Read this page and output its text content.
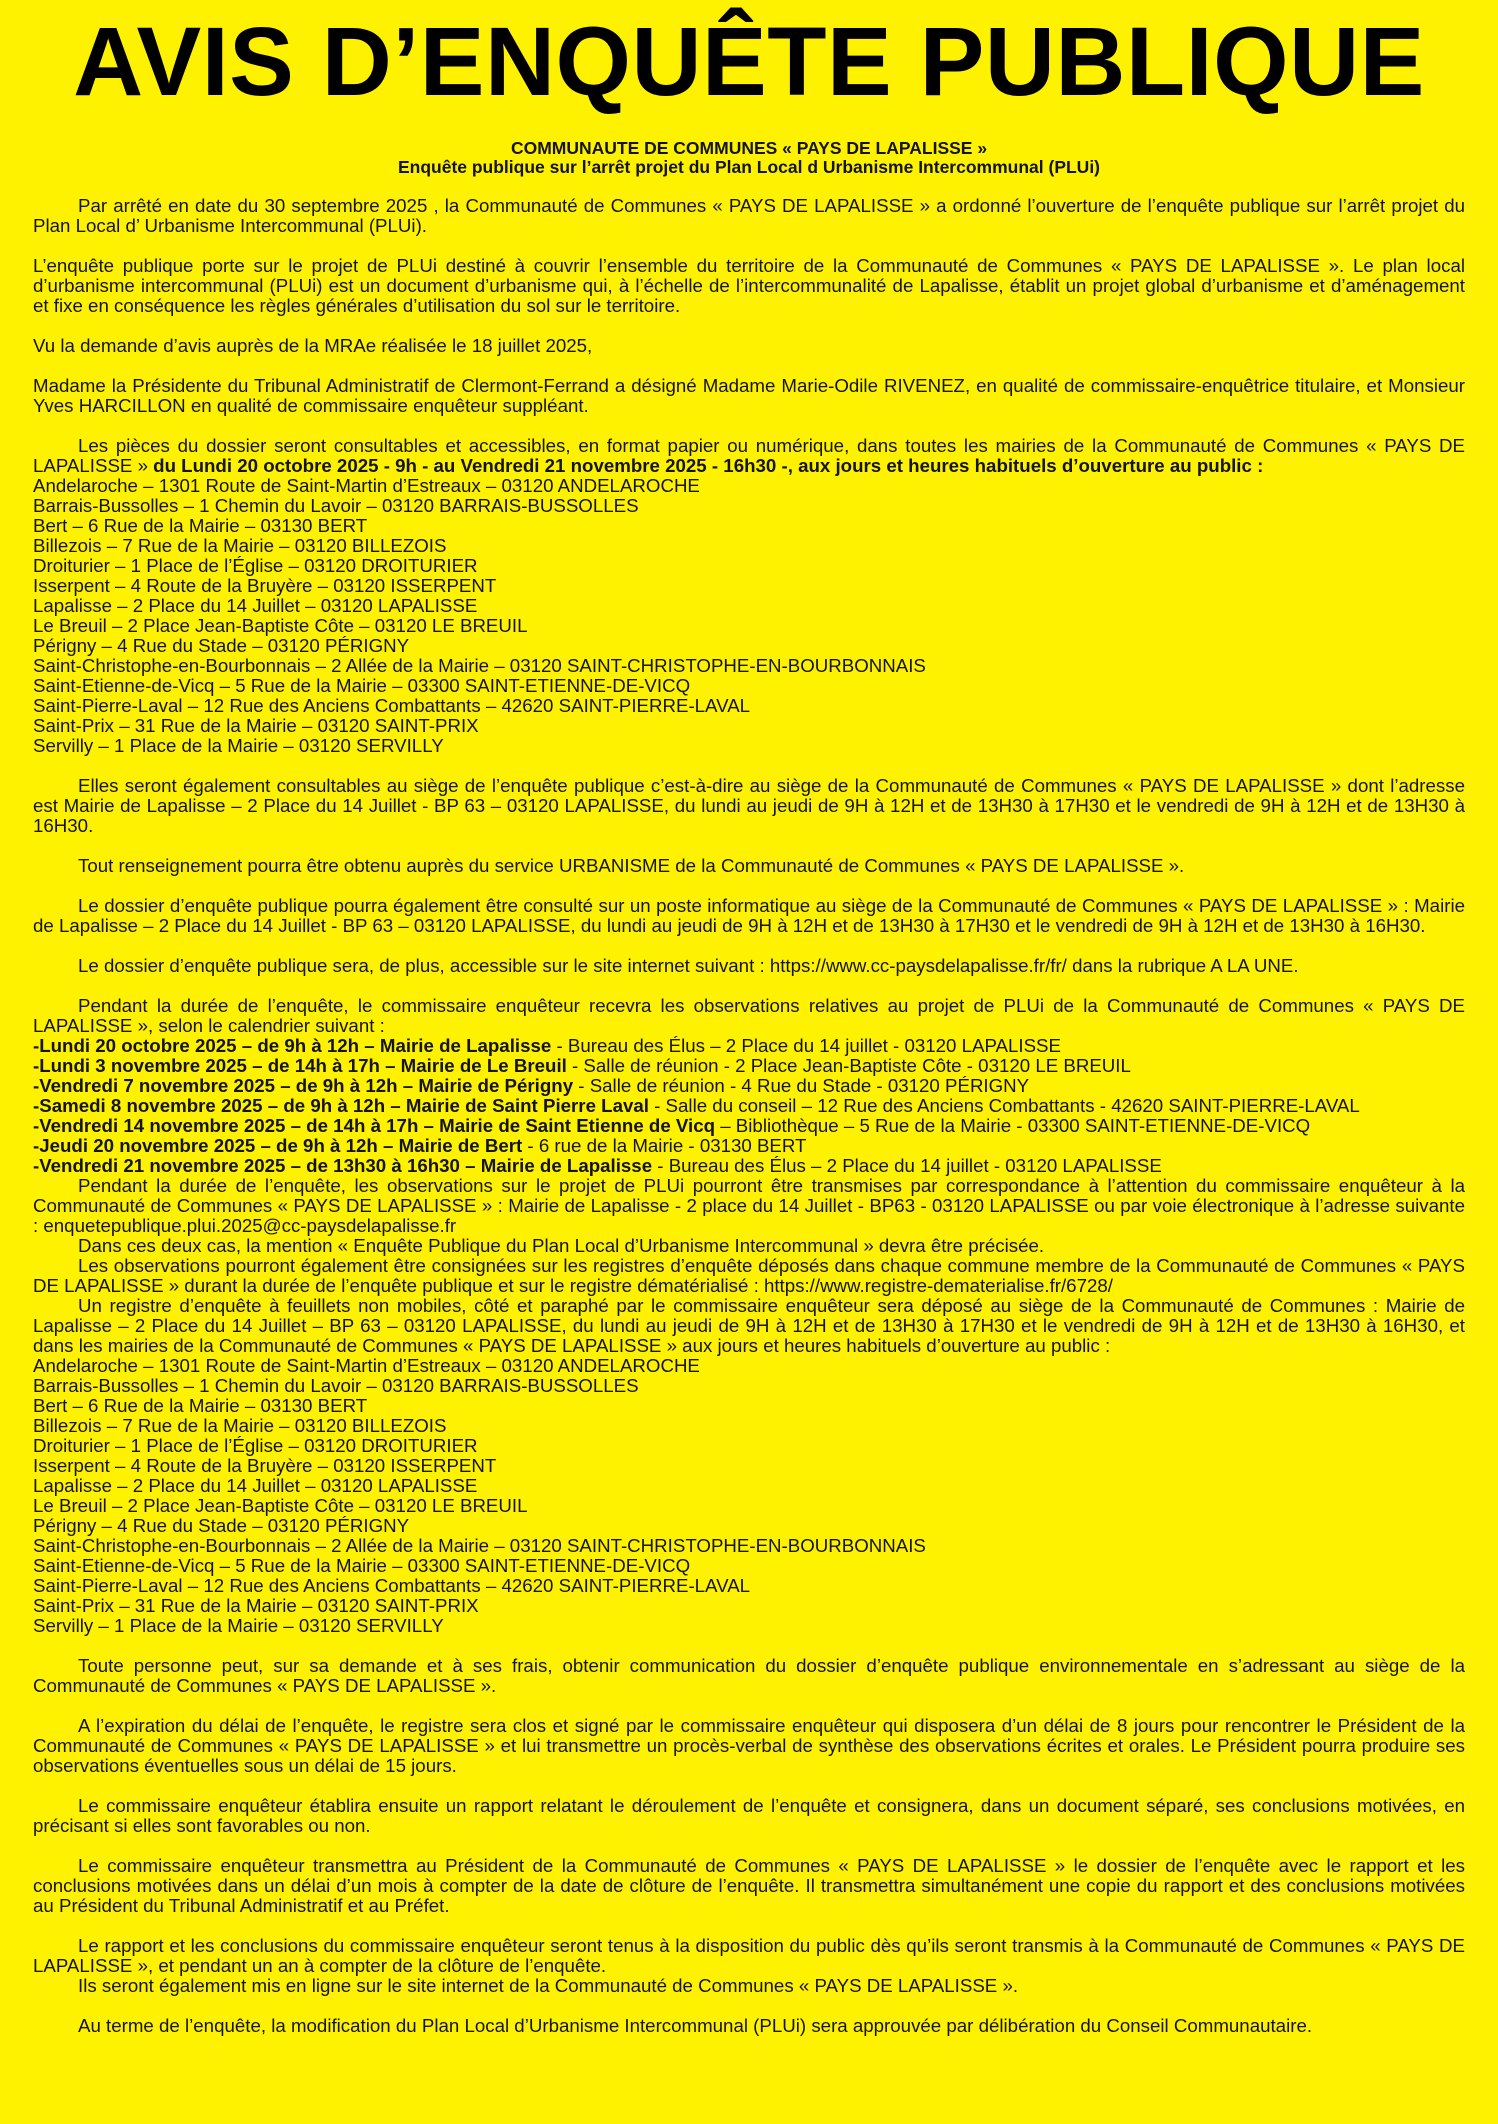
AVIS D’ENQUÊTE PUBLIQUE

COMMUNAUTE DE COMMUNES « PAYS DE LAPALISSE »

Enquête publique sur l’arrêt projet du Plan Local d Urbanisme Intercommunal (PLUi)

Par arrêté en date du 30 septembre 2025 , la Communauté de Communes « PAYS DE LAPALISSE » a ordonné l’ouverture de l’enquête publique sur l’arrêt projet du Plan Local d’ Urbanisme Intercommunal (PLUi).

L’enquête publique porte sur le projet de PLUi destiné à couvrir l’ensemble du territoire de la Communauté de Communes « PAYS DE LAPALISSE ». Le plan local d’urbanisme intercommunal (PLUi) est un document d’urbanisme qui, à l’échelle de l’intercommunalité de Lapalisse, établit un projet global d’urbanisme et d’aménagement et fixe en conséquence les règles générales d’utilisation du sol sur le territoire.

Vu la demande d’avis auprès de la MRAe réalisée le 18 juillet 2025,

Madame la Présidente du Tribunal Administratif de Clermont-Ferrand a désigné Madame Marie-Odile RIVENEZ, en qualité de commissaire-enquêtrice titulaire, et Monsieur Yves HARCILLON en qualité de commissaire enquêteur suppléant.

Les pièces du dossier seront consultables et accessibles, en format papier ou numérique, dans toutes les mairies de la Communauté de Communes « PAYS DE LAPALISSE » du Lundi 20 octobre 2025 - 9h - au Vendredi 21 novembre 2025 - 16h30 -, aux jours et heures habituels d’ouverture au public :

Andelaroche – 1301 Route de Saint-Martin d’Estreaux – 03120 ANDELAROCHE

Barrais-Bussolles – 1 Chemin du Lavoir – 03120 BARRAIS-BUSSOLLES

Bert – 6 Rue de la Mairie – 03130 BERT

Billezois – 7 Rue de la Mairie – 03120 BILLEZOIS

Droiturier – 1 Place de l’Église – 03120 DROITURIER

Isserpent – 4 Route de la Bruyère – 03120 ISSERPENT

Lapalisse – 2 Place du 14 Juillet – 03120 LAPALISSE

Le Breuil – 2 Place Jean-Baptiste Côte – 03120 LE BREUIL

Périgny – 4 Rue du Stade – 03120 PÉRIGNY

Saint-Christophe-en-Bourbonnais – 2 Allée de la Mairie – 03120 SAINT-CHRISTOPHE-EN-BOURBONNAIS

Saint-Etienne-de-Vicq – 5 Rue de la Mairie – 03300 SAINT-ETIENNE-DE-VICQ

Saint-Pierre-Laval – 12 Rue des Anciens Combattants – 42620 SAINT-PIERRE-LAVAL

Saint-Prix – 31 Rue de la Mairie – 03120 SAINT-PRIX

Servilly – 1 Place de la Mairie – 03120 SERVILLY

Elles seront également consultables au siège de l’enquête publique c’est-à-dire au siège de la Communauté de Communes « PAYS DE LAPALISSE » dont l’adresse est Mairie de Lapalisse – 2 Place du 14 Juillet - BP 63 – 03120 LAPALISSE, du lundi au jeudi de 9H à 12H et de 13H30 à 17H30 et le vendredi de 9H à 12H et de 13H30 à 16H30.

Tout renseignement pourra être obtenu auprès du service URBANISME de la Communauté de Communes « PAYS DE LAPALISSE ».

Le dossier d’enquête publique pourra également être consulté sur un poste informatique au siège de la Communauté de Communes « PAYS DE LAPALISSE » : Mairie de Lapalisse – 2 Place du 14 Juillet - BP 63 – 03120 LAPALISSE, du lundi au jeudi de 9H à 12H et de 13H30 à 17H30 et le vendredi de 9H à 12H et de 13H30 à 16H30.

Le dossier d’enquête publique sera, de plus, accessible sur le site internet suivant : https://www.cc-paysdelapalisse.fr/fr/ dans la rubrique A LA UNE.

Pendant la durée de l’enquête, le commissaire enquêteur recevra les observations relatives au projet de PLUi de la Communauté de Communes « PAYS DE LAPALISSE », selon le calendrier suivant :

-Lundi 20 octobre 2025 – de 9h à 12h – Mairie de Lapalisse - Bureau des Élus – 2 Place du 14 juillet - 03120 LAPALISSE

-Lundi 3 novembre 2025 – de 14h à 17h – Mairie de Le Breuil - Salle de réunion - 2 Place Jean-Baptiste Côte - 03120 LE BREUIL

-Vendredi 7 novembre 2025 – de 9h à 12h – Mairie de Périgny - Salle de réunion - 4 Rue du Stade - 03120 PÉRIGNY

-Samedi 8 novembre 2025 – de 9h à 12h – Mairie de Saint Pierre Laval - Salle du conseil – 12 Rue des Anciens Combattants - 42620 SAINT-PIERRE-LAVAL

-Vendredi 14 novembre 2025 – de 14h à 17h – Mairie de Saint Etienne de Vicq – Bibliothèque – 5 Rue de la Mairie - 03300 SAINT-ETIENNE-DE-VICQ

-Jeudi 20 novembre 2025 – de 9h à 12h – Mairie de Bert - 6 rue de la Mairie - 03130 BERT

-Vendredi 21 novembre 2025 – de 13h30 à 16h30 – Mairie de Lapalisse - Bureau des Élus – 2 Place du 14 juillet - 03120 LAPALISSE

Pendant la durée de l’enquête, les observations sur le projet de PLUi pourront être transmises par correspondance à l’attention du commissaire enquêteur à la Communauté de Communes « PAYS DE LAPALISSE » : Mairie de Lapalisse - 2 place du 14 Juillet - BP63 - 03120 LAPALISSE ou par voie électronique à l’adresse suivante : enquetepublique.plui.2025@cc-paysdelapalisse.fr

Dans ces deux cas, la mention « Enquête Publique du Plan Local d’Urbanisme Intercommunal » devra être précisée.

Les observations pourront également être consignées sur les registres d’enquête déposés dans chaque commune membre de la Communauté de Communes « PAYS DE LAPALISSE » durant la durée de l’enquête publique et sur le registre dématérialisé : https://www.registre-dematerialise.fr/6728/

Un registre d’enquête à feuillets non mobiles, côté et paraphé par le commissaire enquêteur sera déposé au siège de la Communauté de Communes : Mairie de Lapalisse – 2 Place du 14 Juillet – BP 63 – 03120 LAPALISSE, du lundi au jeudi de 9H à 12H et de 13H30 à 17H30 et le vendredi de 9H à 12H et de 13H30 à 16H30, et dans les mairies de la Communauté de Communes « PAYS DE LAPALISSE » aux jours et heures habituels d’ouverture au public :

Andelaroche – 1301 Route de Saint-Martin d’Estreaux – 03120 ANDELAROCHE

Barrais-Bussolles – 1 Chemin du Lavoir – 03120 BARRAIS-BUSSOLLES

Bert – 6 Rue de la Mairie – 03130 BERT

Billezois – 7 Rue de la Mairie – 03120 BILLEZOIS

Droiturier – 1 Place de l’Église – 03120 DROITURIER

Isserpent – 4 Route de la Bruyère – 03120 ISSERPENT

Lapalisse – 2 Place du 14 Juillet – 03120 LAPALISSE

Le Breuil – 2 Place Jean-Baptiste Côte – 03120 LE BREUIL

Périgny – 4 Rue du Stade – 03120 PÉRIGNY

Saint-Christophe-en-Bourbonnais – 2 Allée de la Mairie – 03120 SAINT-CHRISTOPHE-EN-BOURBONNAIS

Saint-Etienne-de-Vicq – 5 Rue de la Mairie – 03300 SAINT-ETIENNE-DE-VICQ

Saint-Pierre-Laval – 12 Rue des Anciens Combattants – 42620 SAINT-PIERRE-LAVAL

Saint-Prix – 31 Rue de la Mairie – 03120 SAINT-PRIX

Servilly – 1 Place de la Mairie – 03120 SERVILLY

Toute personne peut, sur sa demande et à ses frais, obtenir communication du dossier d’enquête publique environnementale en s’adressant au siège de la Communauté de Communes « PAYS DE LAPALISSE ».

A l’expiration du délai de l’enquête, le registre sera clos et signé par le commissaire enquêteur qui disposera d’un délai de 8 jours pour rencontrer le Président de la Communauté de Communes « PAYS DE LAPALISSE » et lui transmettre un procès-verbal de synthèse des observations écrites et orales. Le Président pourra produire ses observations éventuelles sous un délai de 15 jours.

Le commissaire enquêteur établira ensuite un rapport relatant le déroulement de l’enquête et consignera, dans un document séparé, ses conclusions motivées, en précisant si elles sont favorables ou non.

Le commissaire enquêteur transmettra au Président de la Communauté de Communes « PAYS DE LAPALISSE » le dossier de l’enquête avec le rapport et les conclusions motivées dans un délai d’un mois à compter de la date de clôture de l’enquête. Il transmettra simultanément une copie du rapport et des conclusions motivées au Président du Tribunal Administratif et au Préfet.

Le rapport et les conclusions du commissaire enquêteur seront tenus à la disposition du public dès qu’ils seront transmis à la Communauté de Communes « PAYS DE LAPALISSE », et pendant un an à compter de la clôture de l’enquête.

Ils seront également mis en ligne sur le site internet de la Communauté de Communes « PAYS DE LAPALISSE ».

Au terme de l’enquête, la modification du Plan Local d’Urbanisme Intercommunal (PLUi) sera approuvée par délibération du Conseil Communautaire.
